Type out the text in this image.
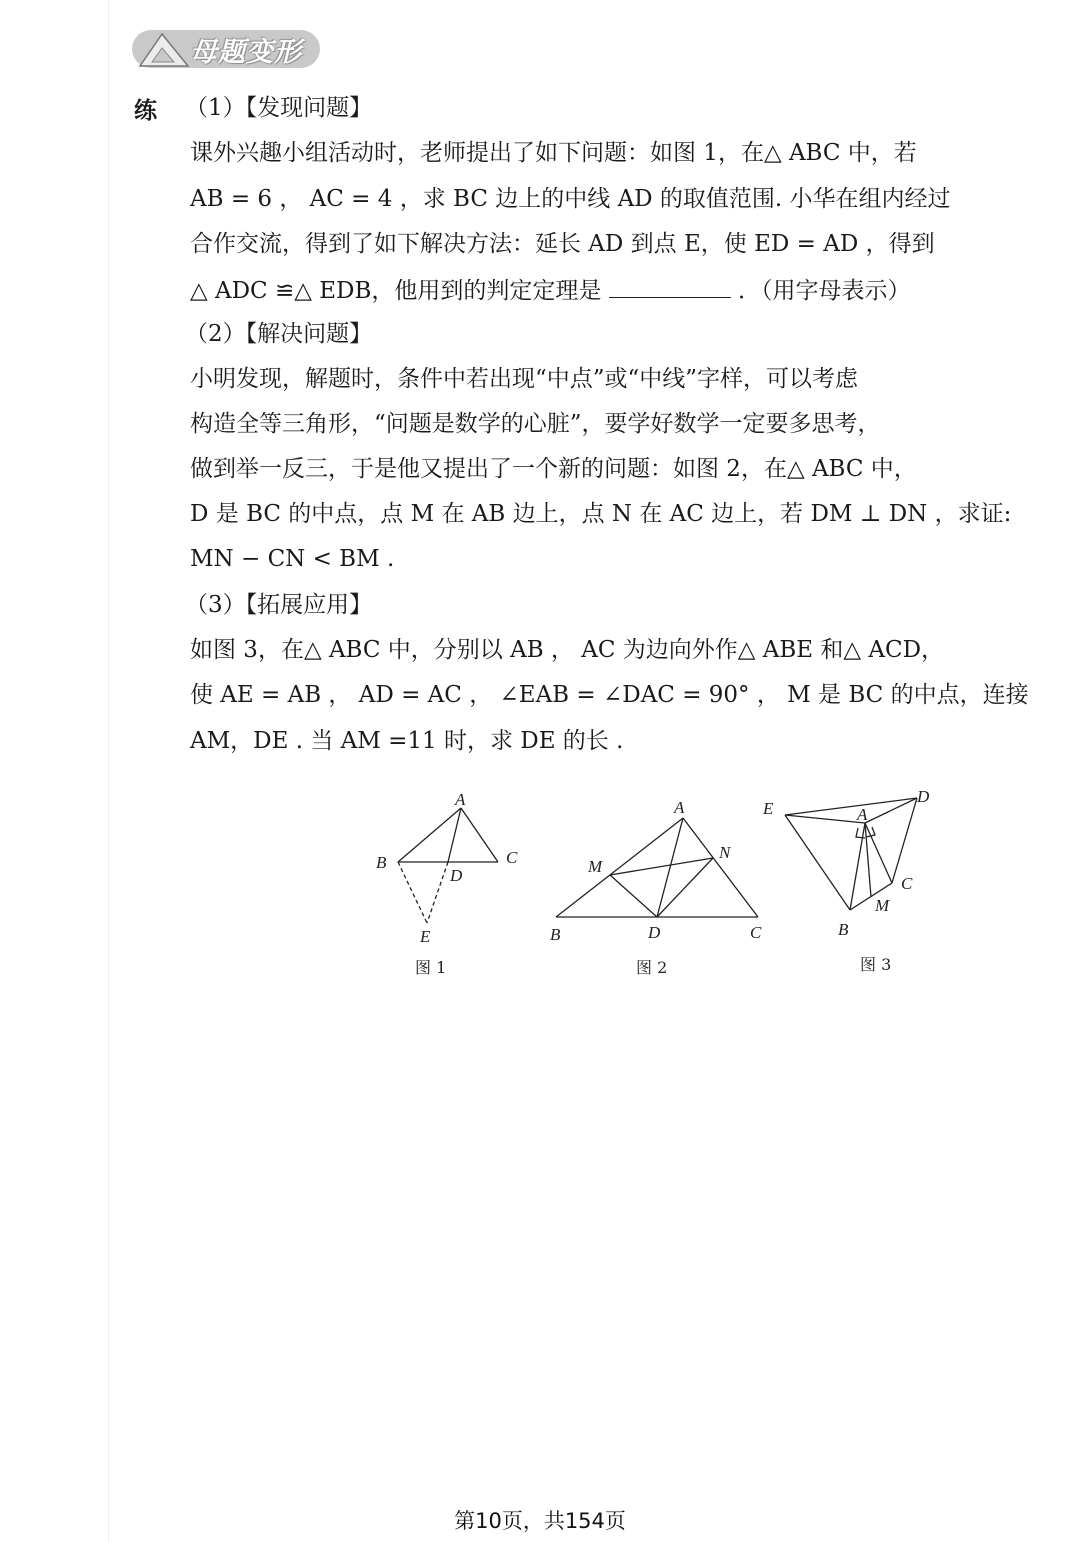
母题变形
练 （1）【发现问题】
课外兴趣小组活动时，老师提出了如下问题：如图 1，在△ ABC 中，若
AB = 6 ， AC = 4 ，求 BC 边上的中线 AD 的取值范围. 小华在组内经过
合作交流，得到了如下解决方法：延长 AD 到点 E，使 ED = AD ，得到
△ ADC ≌△ EDB，他用到的判定定理是	．（用字母表示）
（2）【解决问题】
小明发现，解题时，条件中若出现“中点”或“中线”字样，可以考虑
构造全等三角形，“问题是数学的心脏”，要学好数学一定要多思考，
做到举一反三，于是他又提出了一个新的问题：如图 2，在△ ABC 中，
D 是 BC 的中点，点 M 在 AB 边上，点 N 在 AC 边上，若 DM ⊥ DN ，求证:
MN − CN < BM .
（3）【拓展应用】
如图 3，在△ ABC 中，分别以 AB ， AC 为边向外作△ ABE 和△ ACD，
使 AE = AB ， AD = AC ， ∠EAB = ∠DAC = 90° ， M 是 BC 的中点，连接
AM，DE . 当 AM =11 时，求 DE 的长 .
A
B	C
D
E
图 1
A
B	C
D
M
N
图 2
E
D
A
C
M
B
图 3
第10页，共154页
